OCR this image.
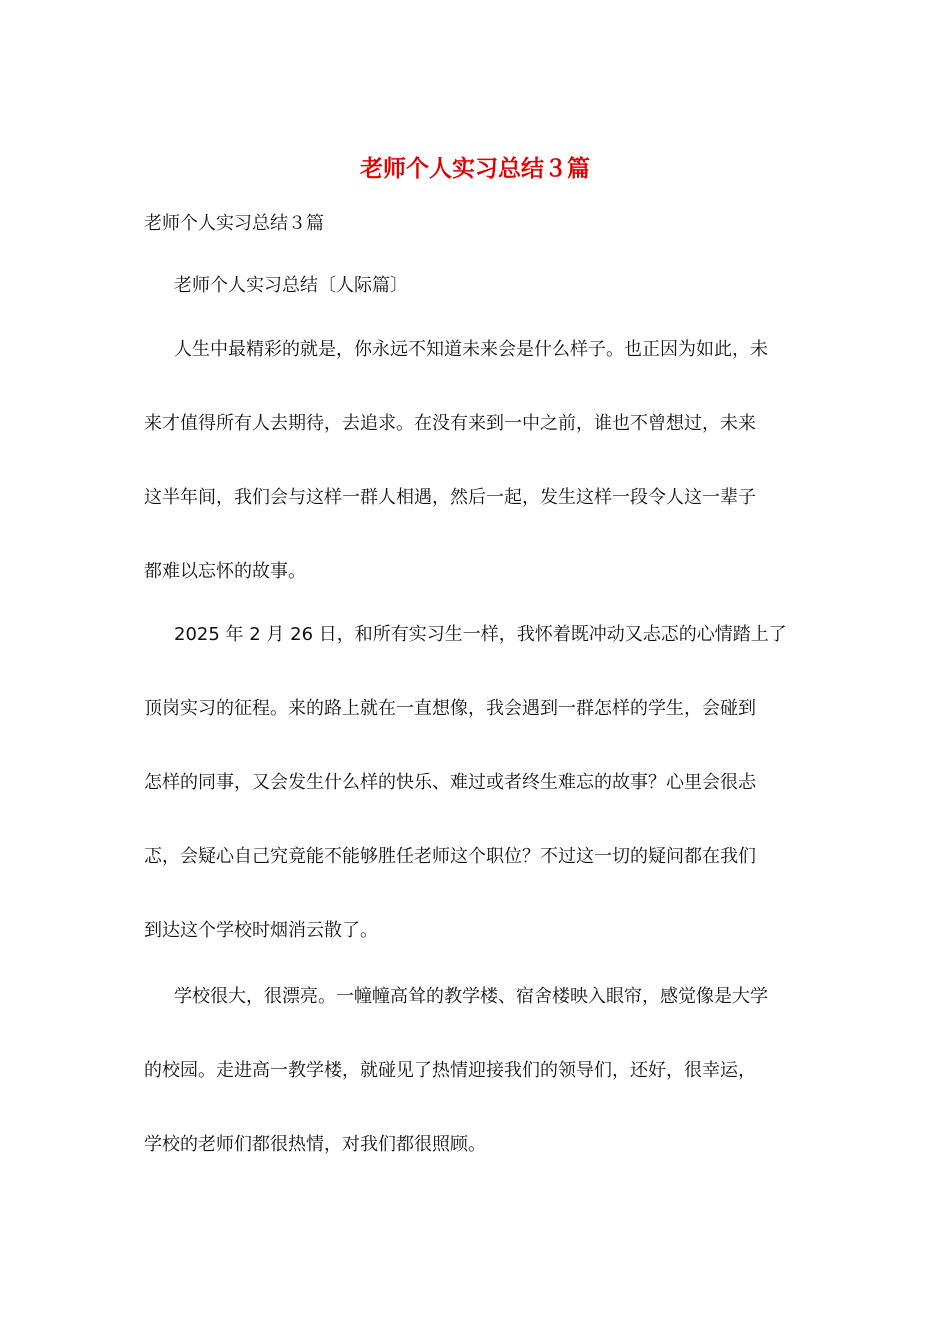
老师个人实习总结３篇

老师个人实习总结３篇

老师个人实习总结〔人际篇〕

人生中最精彩的就是，你永远不知道未来会是什么样子。也正因为如此，未
来才值得所有人去期待，去追求。在没有来到一中之前，谁也不曾想过，未来
这半年间，我们会与这样一群人相遇，然后一起，发生这样一段令人这一辈子
都难以忘怀的故事。
2025 年 2 月 26 日，和所有实习生一样，我怀着既冲动又忐忑的心情踏上了
顶岗实习的征程。来的路上就在一直想像，我会遇到一群怎样的学生，会碰到
怎样的同事，又会发生什么样的快乐、难过或者终生难忘的故事？心里会很忐
忑，会疑心自己究竟能不能够胜任老师这个职位？不过这一切的疑问都在我们
到达这个学校时烟消云散了。
学校很大，很漂亮。一幢幢高耸的教学楼、宿舍楼映入眼帘，感觉像是大学
的校园。走进高一教学楼，就碰见了热情迎接我们的领导们，还好，很幸运，
学校的老师们都很热情，对我们都很照顾。
